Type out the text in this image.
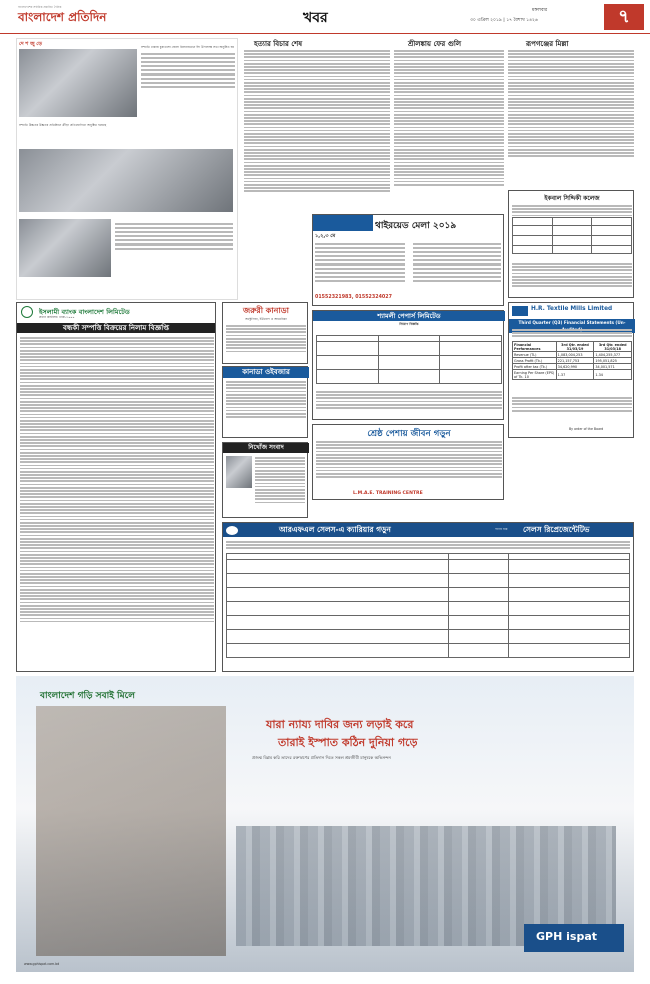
বাংলাদেশের সর্বাধিক প্রচারিত দৈনিক
বাংলাদেশ প্রতিদিন	খবর	মঙ্গলবার
৩০ এপ্রিল ২০১৯ | ১৭ বৈশাখ ১৪২৬	৭
দে শ জু ড়ে	সম্প্রতি ঢাকায় চুয়াডাঙ্গা জেলা মিলনায়তনে ঈদ উপলক্ষে সভা অনুষ্ঠিত হয়
সম্প্রতি উচ্চতর উচ্চতর প্রতিষ্ঠানে ক্রীড়া প্রতিযোগিতা অনুষ্ঠিত হয়েছে
হত্যার বিচার শেষ	শ্রীলঙ্কায় ফের গুলি	রূপগঞ্জের মিল্লা
থাইরয়েড মেলা ২০১৯
১,২,৩ মে
01552321983, 01552324027
ইকবাল সিদ্দিকী কলেজ

ইসলামী ব্যাংক বাংলাদেশ লিমিটেড
প্রধান কার্যালয়: ঢাকা-১০০০
বন্ধকী সম্পত্তি বিক্রয়ের নিলাম বিজ্ঞপ্তি
জরুরী কানাডা
অস্ট্রেলিয়া, ইউরোপ ও আমেরিকা
কানাডা ওইবজার
শ্যামলী পেপার্স লিমিটেড
নিয়োগ বিজ্ঞপ্তি

H.R. Textile Mills Limited
Third Quarter (Q3) Financial Statements (Un-
Financial Performances	3rd Qtr. ended 31/03/19	3rd Qtr. ended 31/03/18
Revenue (TL)	1,083,004,253	1,404,255,377
Gross Profit (Tk.)	221,157,753	195,051,825
Profit after tax (Tk.)	34,620,990	34,001,571
Earning Per Share (EPS) of Tk. 10	1.37	1.34
By order of the Board
নিখোঁজ সংবাদ
শ্রেষ্ঠ পেশায় জীবন গড়ুন
L.M.A.E. TRAINING CENTRE
আরএফএল সেলস-এ ক্যারিয়ার গড়ুন	পদের নাম সেলস রিপ্রেজেন্টেটিভ

বাংলাদেশ গড়ি সবাই মিলে
যারা ন্যায্য দাবির জন্য লড়াই করে
তারাই ইস্পাত কঠিন দুনিয়া গড়ে
প্রজন্ম বিপ্লব করি তাদের রক্তঋণের প্রতিদান দিতে সকল শ্রমজীবী মানুষকে অভিনন্দন
GPH ispat
www.gphispat.com.bd
